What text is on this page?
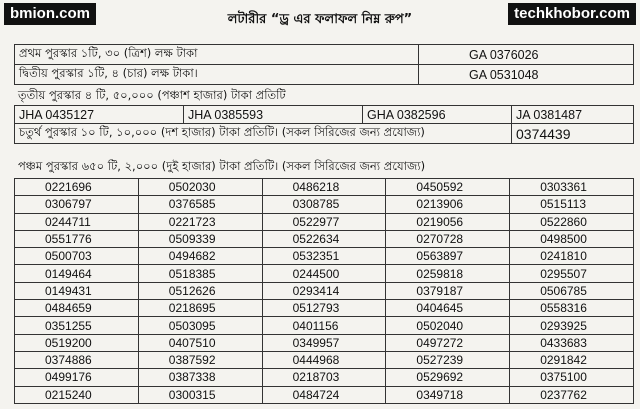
bmion.com	techkhobor.com
লটারীর “ড্র এর ফলাফল নিম্ন রুপ”
প্রথম পুরস্কার ১টি, ৩০ (ত্রিশ) লক্ষ টাকা	GA 0376026
দ্বিতীয় পুরস্কার ১টি, ৪ (চার) লক্ষ টাকা।	GA 0531048
তৃতীয় পুরস্কার ৪ টি, ৫০,০০০ (পঞ্চাশ হাজার) টাকা প্রতিটি
JHA 0435127	JHA 0385593	GHA 0382596	JA 0381487
চতুর্থ পুরস্কার ১০ টি, ১০,০০০ (দশ হাজার) টাকা প্রতিটি। (সকল সিরিজের জন্য প্রযোজ্য)			0374439
পঞ্চম পুরস্কার ৬৫০ টি, ২,০০০ (দুই হাজার) টাকা প্রতিটি। (সকল সিরিজের জন্য প্রযোজ্য)
0221696	0502030	0486218	0450592	0303361
0306797	0376585	0308785	0213906	0515113
0244711	0221723	0522977	0219056	0522860
0551776	0509339	0522634	0270728	0498500
0500703	0494682	0532351	0563897	0241810
0149464	0518385	0244500	0259818	0295507
0149431	0512626	0293414	0379187	0506785
0484659	0218695	0512793	0404645	0558316
0351255	0503095	0401156	0502040	0293925
0519200	0407510	0349957	0497272	0433683
0374886	0387592	0444968	0527239	0291842
0499176	0387338	0218703	0529692	0375100
0215240	0300315	0484724	0349718	0237762
